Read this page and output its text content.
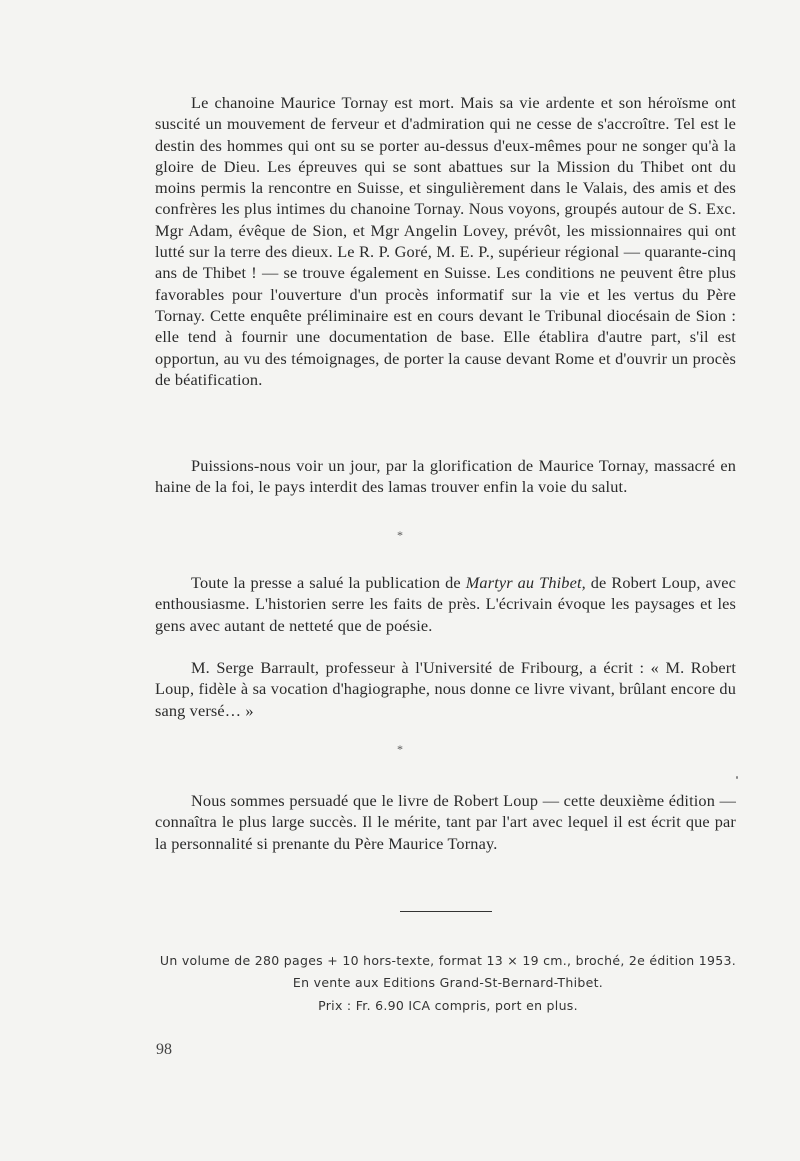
Le chanoine Maurice Tornay est mort. Mais sa vie ardente et son héroïsme ont suscité un mouvement de ferveur et d'admiration qui ne cesse de s'accroître. Tel est le destin des hommes qui ont su se porter au-dessus d'eux-mêmes pour ne songer qu'à la gloire de Dieu. Les épreuves qui se sont abattues sur la Mission du Thibet ont du moins permis la rencontre en Suisse, et singulièrement dans le Valais, des amis et des confrères les plus intimes du chanoine Tornay. Nous voyons, groupés autour de S. Exc. Mgr Adam, évêque de Sion, et Mgr Angelin Lovey, prévôt, les missionnaires qui ont lutté sur la terre des dieux. Le R. P. Goré, M. E. P., supérieur régional — quarante-cinq ans de Thibet ! — se trouve également en Suisse. Les conditions ne peuvent être plus favorables pour l'ouverture d'un procès informatif sur la vie et les vertus du Père Tornay. Cette enquête préliminaire est en cours devant le Tribunal diocésain de Sion : elle tend à fournir une documentation de base. Elle établira d'autre part, s'il est opportun, au vu des témoignages, de porter la cause devant Rome et d'ouvrir un procès de béatification.

Puissions-nous voir un jour, par la glorification de Maurice Tornay, massacré en haine de la foi, le pays interdit des lamas trouver enfin la voie du salut.

*

Toute la presse a salué la publication de Martyr au Thibet, de Robert Loup, avec enthousiasme. L'historien serre les faits de près. L'écrivain évoque les paysages et les gens avec autant de netteté que de poésie.

M. Serge Barrault, professeur à l'Université de Fribourg, a écrit : « M. Robert Loup, fidèle à sa vocation d'hagiographe, nous donne ce livre vivant, brûlant encore du sang versé… »

*

Nous sommes persuadé que le livre de Robert Loup — cette deuxième édition — connaîtra le plus large succès. Il le mérite, tant par l'art avec lequel il est écrit que par la personnalité si prenante du Père Maurice Tornay.

Un volume de 280 pages + 10 hors-texte, format 13 × 19 cm., broché, 2e édition 1953.
En vente aux Editions Grand-St-Bernard-Thibet.
Prix : Fr. 6.90 ICA compris, port en plus.
98
